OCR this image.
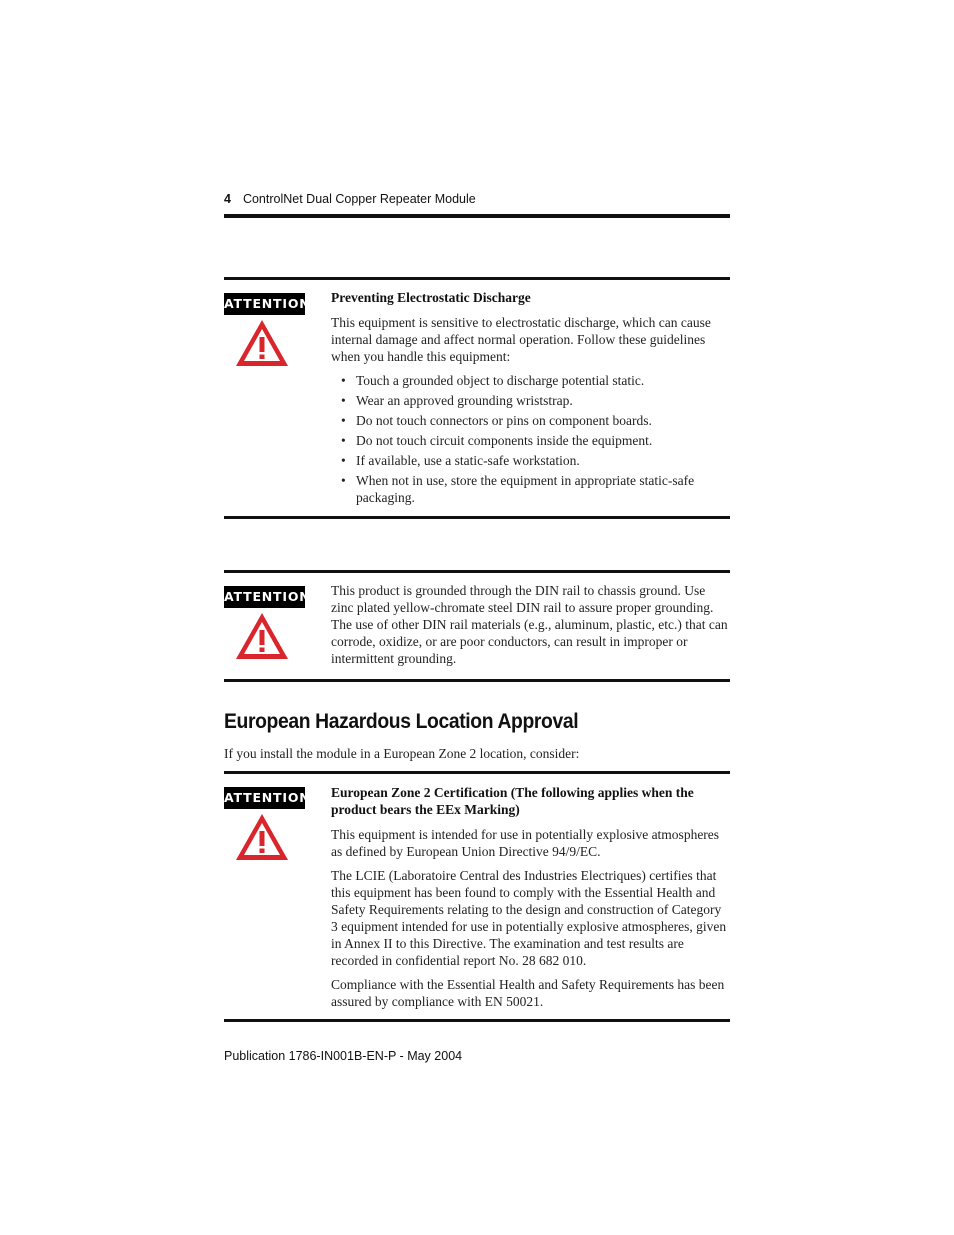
4 ControlNet Dual Copper Repeater Module
ATTENTION Preventing Electrostatic Discharge

This equipment is sensitive to electrostatic discharge, which can cause internal damage and affect normal operation. Follow these guidelines when you handle this equipment:

• Touch a grounded object to discharge potential static.
• Wear an approved grounding wriststrap.
• Do not touch connectors or pins on component boards.
• Do not touch circuit components inside the equipment.
• If available, use a static-safe workstation.
• When not in use, store the equipment in appropriate static-safe packaging.
ATTENTION This product is grounded through the DIN rail to chassis ground. Use zinc plated yellow-chromate steel DIN rail to assure proper grounding. The use of other DIN rail materials (e.g., aluminum, plastic, etc.) that can corrode, oxidize, or are poor conductors, can result in improper or intermittent grounding.

European Hazardous Location Approval
If you install the module in a European Zone 2 location, consider:
ATTENTION European Zone 2 Certification (The following applies when the product bears the EEx Marking)

This equipment is intended for use in potentially explosive atmospheres as defined by European Union Directive 94/9/EC.

The LCIE (Laboratoire Central des Industries Electriques) certifies that this equipment has been found to comply with the Essential Health and Safety Requirements relating to the design and construction of Category 3 equipment intended for use in potentially explosive atmospheres, given in Annex II to this Directive. The examination and test results are recorded in confidential report No. 28 682 010.

Compliance with the Essential Health and Safety Requirements has been assured by compliance with EN 50021.

Publication 1786-IN001B-EN-P - May 2004
